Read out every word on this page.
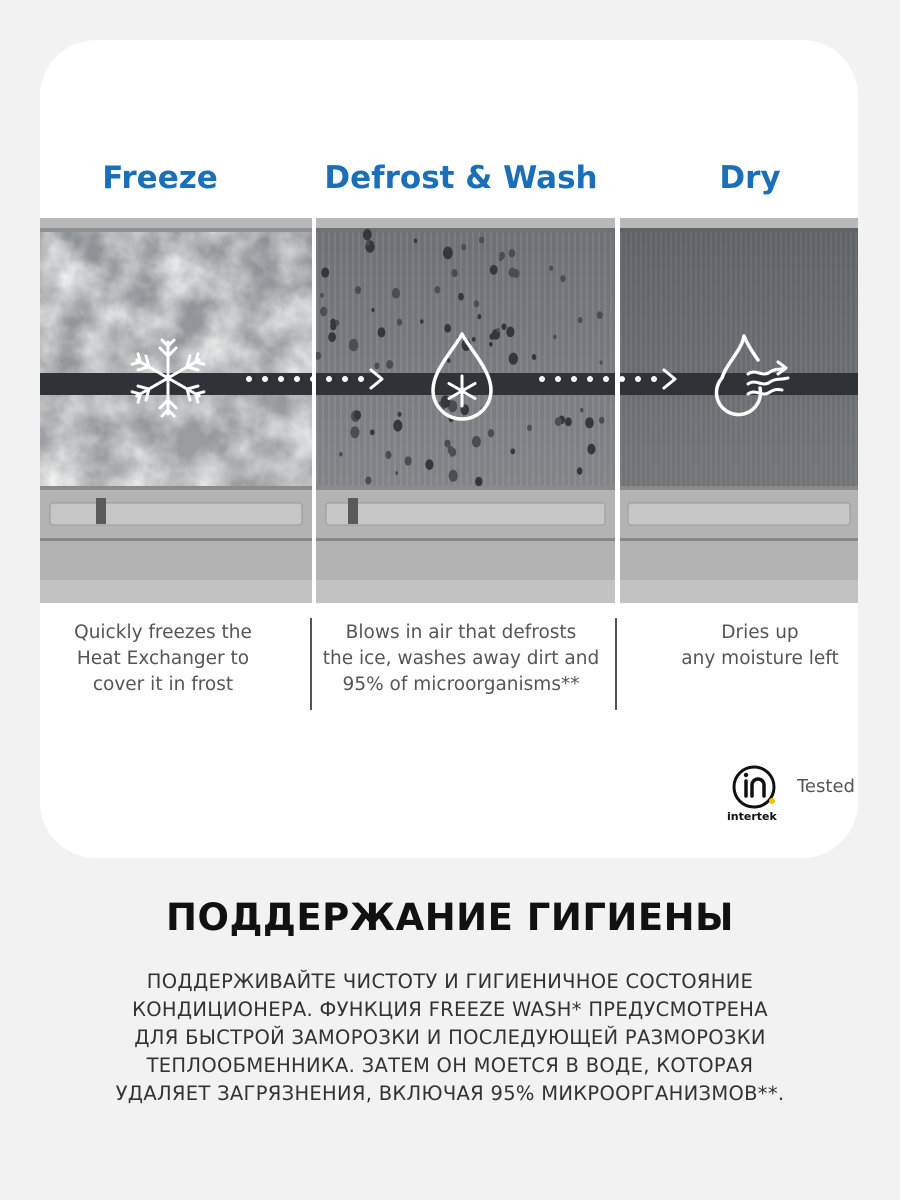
Freeze	Defrost & Wash	Dry
Quickly freezes the
Heat Exchanger to
cover it in frost
Blows in air that defrosts
the ice, washes away dirt and
95% of microorganisms**
Dries up
any moisture left
intertek
Tested
ПОДДЕРЖАНИЕ ГИГИЕНЫ
ПОДДЕРЖИВАЙТЕ ЧИСТОТУ И ГИГИЕНИЧНОЕ СОСТОЯНИЕ
КОНДИЦИОНЕРА. ФУНКЦИЯ FREEZE WASH* ПРЕДУСМОТРЕНА
ДЛЯ БЫСТРОЙ ЗАМОРОЗКИ И ПОСЛЕДУЮЩЕЙ РАЗМОРОЗКИ
ТЕПЛООБМЕННИКА. ЗАТЕМ ОН МОЕТСЯ В ВОДЕ, КОТОРАЯ
УДАЛЯЕТ ЗАГРЯЗНЕНИЯ, ВКЛЮЧАЯ 95% МИКРООРГАНИЗМОВ**.
